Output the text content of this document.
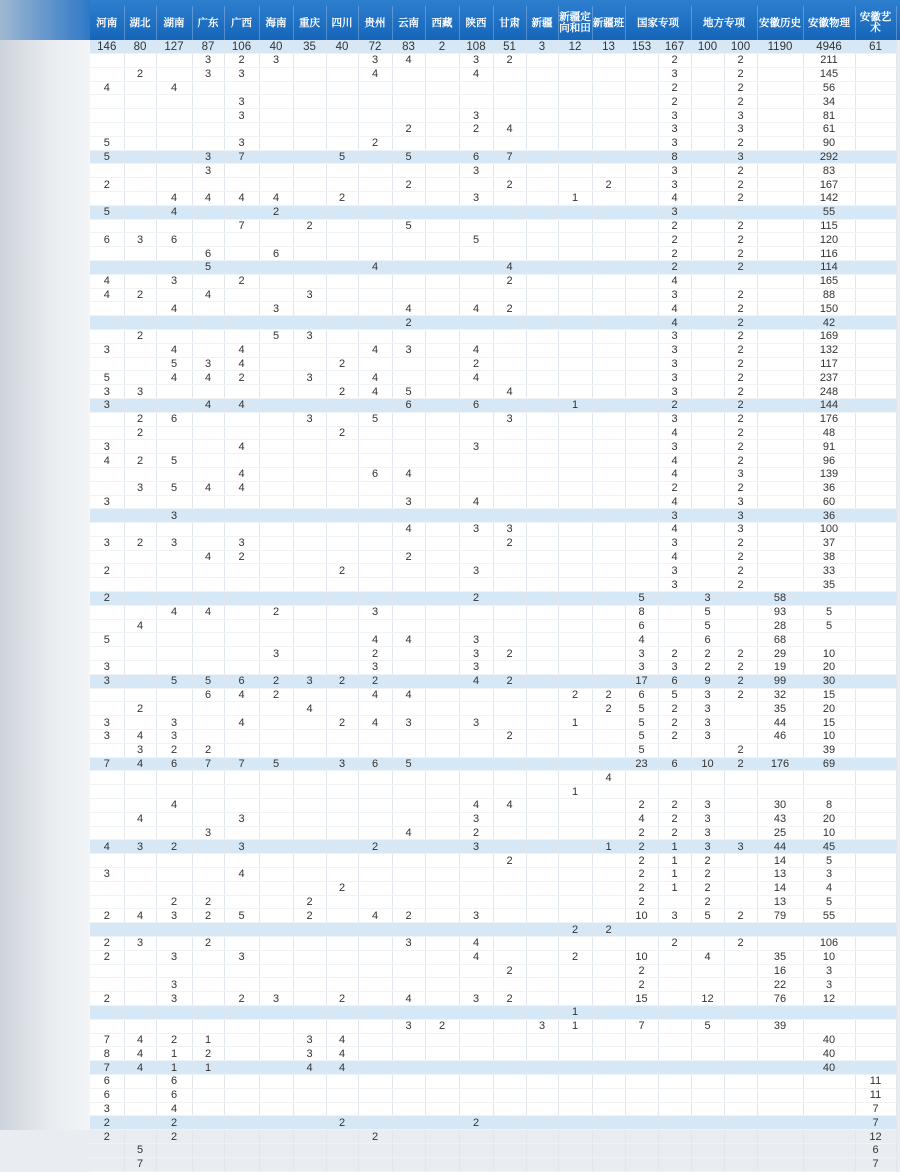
河南	湖北	湖南	广东	广西	海南	重庆	四川	贵州	云南	西藏	陕西	甘肃	新疆	新疆定向和田	新疆班	国家专项		地方专项		安徽历史	安徽物理	安徽艺术
146	80	127	87	106	40	35	40	72	83	2	108	51	3	12	13	153	167	100	100	1190	4946	61
			3	2	3			3	4		3	2					2		2		211	
	2		3	3				4			4						3		2		145	
4		4															2		2		56	
				3													2		2		34	
				3							3						3		3		81	
									2		2	4					3		3		61	
5				3				2									3		2		90	
5			3	7			5		5		6	7					8		3		292	
			3								3						3		2		83	
2									2			2			2		3		2		167	
		4	4	4	4		2				3			1			4		2		142	
5		4			2												3				55	
				7		2			5								2		2		115	
6	3	6									5						2		2		120	
			6		6												2		2		116	
			5					4				4					2		2		114	
4		3		2								2					4				165	
4	2		4			3											3		2		88	
		4			3				4		4	2					4		2		150	
									2								4		2		42	
	2				5	3											3		2		169	
3		4		4				4	3		4						3		2		132	
		5	3	4			2				2						3		2		117	
5		4	4	2		3		4			4						3		2		237	
3	3						2	4	5			4					3		2		248	
3			4	4					6		6			1			2		2		144	
	2	6				3		5				3					3		2		176	
	2						2										4		2		48	
3				4							3						3		2		91	
4	2	5															4		2		96	
				4				6	4								4		3		139	
	3	5	4	4													2		2		36	
3									3		4						4		3		60	
		3															3		3		36	
									4		3	3					4		3		100	
3	2	3		3								2					3		2		37	
			4	2					2								4		2		38	
2							2				3						3		2		33	
																	3		2		35	
2											2					5		3		58		
		4	4		2			3								8		5		93	5	
	4															6		5		28	5	
5								4	4		3					4		6		68		
					3			2			3	2				3	2	2	2	29	10	
3								3			3					3	3	2	2	19	20	
3		5	5	6	2	3	2	2			4	2				17	6	9	2	99	30	
			6	4	2			4	4					2	2	6	5	3	2	32	15	
	2					4									2	5	2	3		35	20	
3		3		4			2	4	3		3			1		5	2	3		44	15	
3	4	3										2				5	2	3		46	10	
	3	2	2													5			2		39	
7	4	6	7	7	5		3	6	5							23	6	10	2	176	69	
															4							
														1								
		4									4	4				2	2	3		30	8	
	4			3							3					4	2	3		43	20	
			3						4		2					2	2	3		25	10	
4	3	2		3				2			3				1	2	1	3	3	44	45	
												2				2	1	2		14	5	
3				4												2	1	2		13	3	
							2									2	1	2		14	4	
		2	2			2										2		2		13	5	
2	4	3	2	5		2		4	2		3					10	3	5	2	79	55	
														2	2							
2	3		2						3		4						2		2		106	
2		3		3							4			2		10		4		35	10	
												2				2				16	3	
		3														2				22	3	
2		3		2	3		2		4		3	2				15		12		76	12	
														1								
									3	2			3	1		7		5		39		
7	4	2	1			3	4														40	
8	4	1	2			3	4														40	
7	4	1	1			4	4														40	
6		6																				11
6		6																				11
3		4																				7
2		2					2				2											7
2		2						2														12
	5																					6
	7																					7
